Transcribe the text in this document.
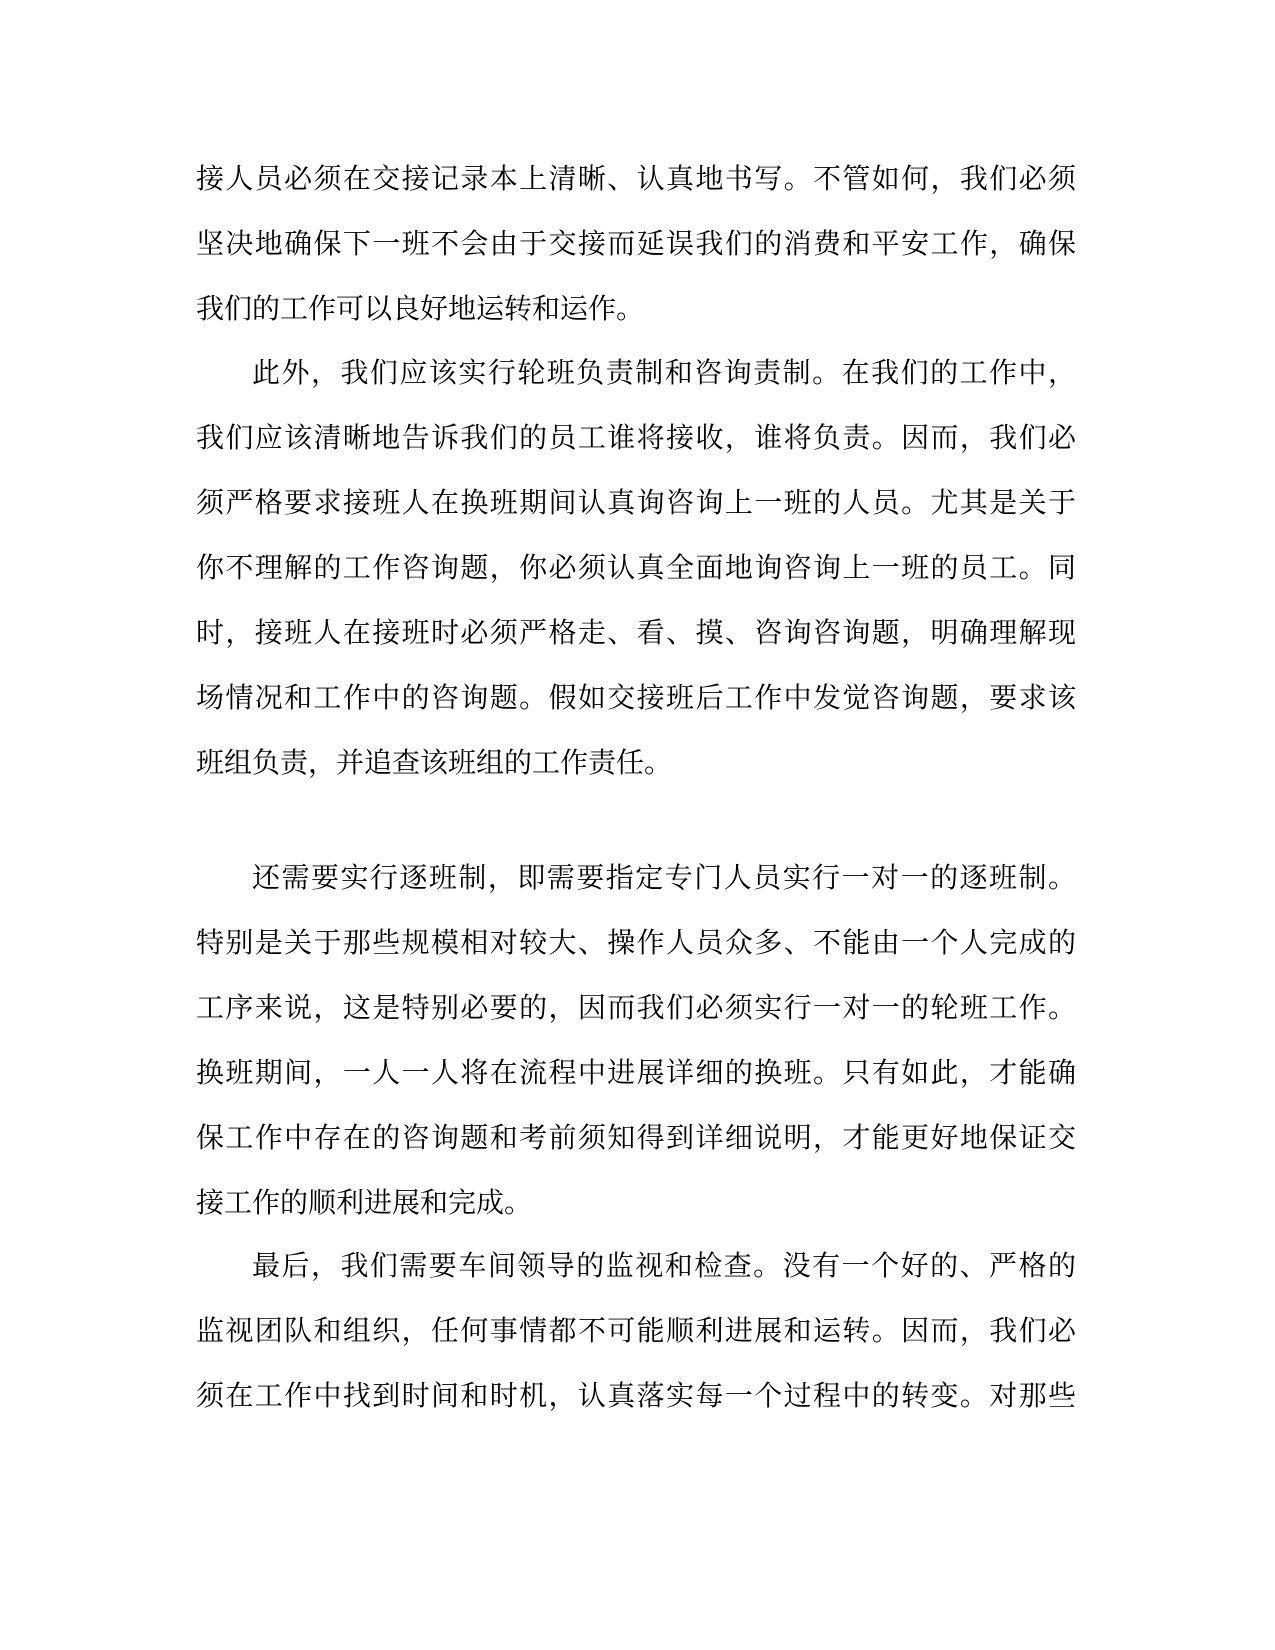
接人员必须在交接记录本上清晰、认真地书写。不管如何，我们必须
坚决地确保下一班不会由于交接而延误我们的消费和平安工作，确保
我们的工作可以良好地运转和运作。
此外，我们应该实行轮班负责制和咨询责制。在我们的工作中，
我们应该清晰地告诉我们的员工谁将接收，谁将负责。因而，我们必
须严格要求接班人在换班期间认真询咨询上一班的人员。尤其是关于
你不理解的工作咨询题，你必须认真全面地询咨询上一班的员工。同
时，接班人在接班时必须严格走、看、摸、咨询咨询题，明确理解现
场情况和工作中的咨询题。假如交接班后工作中发觉咨询题，要求该
班组负责，并追查该班组的工作责任。
还需要实行逐班制，即需要指定专门人员实行一对一的逐班制。
特别是关于那些规模相对较大、操作人员众多、不能由一个人完成的
工序来说，这是特别必要的，因而我们必须实行一对一的轮班工作。
换班期间，一人一人将在流程中进展详细的换班。只有如此，才能确
保工作中存在的咨询题和考前须知得到详细说明，才能更好地保证交
接工作的顺利进展和完成。
最后，我们需要车间领导的监视和检查。没有一个好的、严格的
监视团队和组织，任何事情都不可能顺利进展和运转。因而，我们必
须在工作中找到时间和时机，认真落实每一个过程中的转变。对那些
